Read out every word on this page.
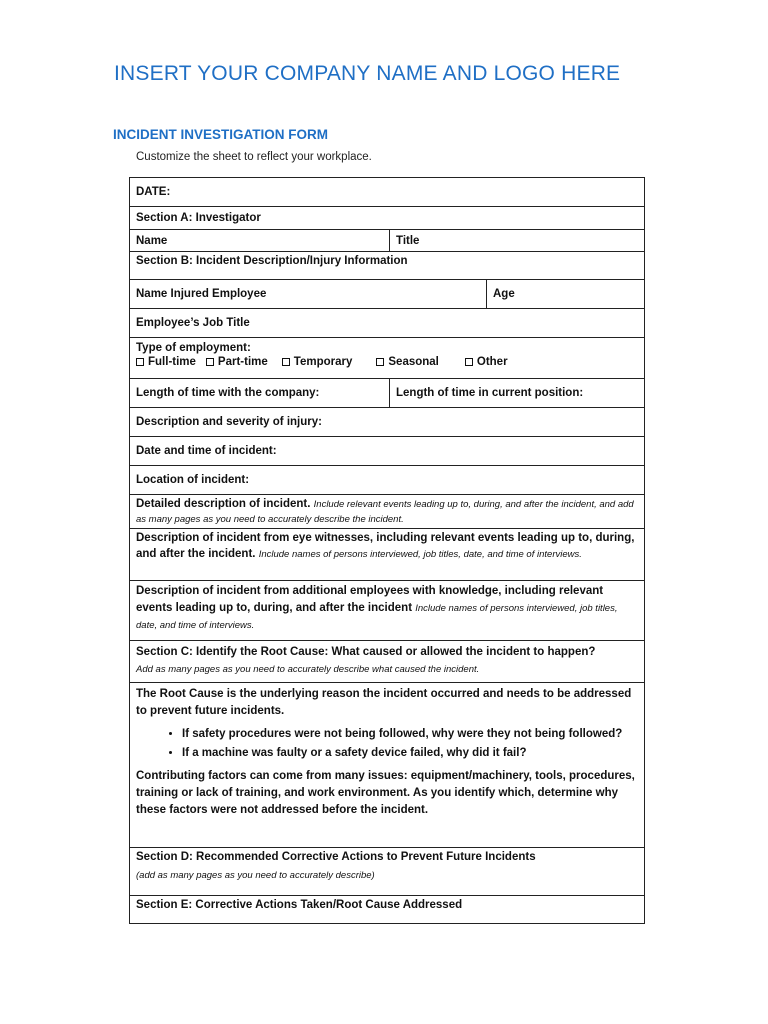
INSERT YOUR COMPANY NAME AND LOGO HERE
INCIDENT INVESTIGATION FORM
Customize the sheet to reflect your workplace.
DATE:
Section A: Investigator
Name	Title
Section B: Incident Description/Injury Information
Name Injured Employee	Age
Employee’s Job Title
Type of employment:
Full-time Part-time Temporary	Seasonal	Other
Length of time with the company:	Length of time in current position:
Description and severity of injury:
Date and time of incident:
Location of incident:
Detailed description of incident. Include relevant events leading up to, during, and after the incident, and add as many pages as you need to accurately describe the incident.
Description of incident from eye witnesses, including relevant events leading up to, during, and after the incident. Include names of persons interviewed, job titles, date, and time of interviews.
Description of incident from additional employees with knowledge, including relevant events leading up to, during, and after the incident Include names of persons interviewed, job titles, date, and time of interviews.
Section C: Identify the Root Cause: What caused or allowed the incident to happen?
Add as many pages as you need to accurately describe what caused the incident.

The Root Cause is the underlying reason the incident occurred and needs to be addressed to prevent future incidents.

• If safety procedures were not being followed, why were they not being followed?
• If a machine was faulty or a safety device failed, why did it fail?

Contributing factors can come from many issues: equipment/machinery, tools, procedures, training or lack of training, and work environment. As you identify which, determine why these factors were not addressed before the incident.

Section D: Recommended Corrective Actions to Prevent Future Incidents
(add as many pages as you need to accurately describe)
Section E: Corrective Actions Taken/Root Cause Addressed
